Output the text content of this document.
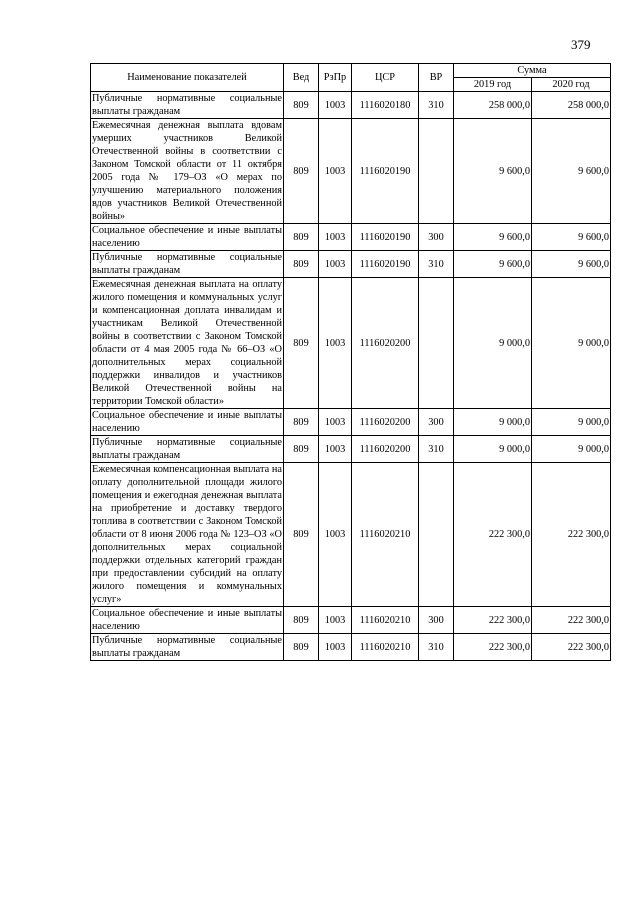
379
Наименование показателей	Вед	РзПр	ЦСР	ВР	Сумма	
					2019 год	2020 год
Публичные нормативные социальные выплаты гражданам	809	1003	1116020180	310	258 000,0	258 000,0
Ежемесячная денежная выплата вдовам умерших участников Великой Отечественной войны в соответствии с Законом Томской области от 11 октября 2005 года № 179–ОЗ «О мерах по улучшению материального положения вдов участников Великой Отечественной войны»	809	1003	1116020190		9 600,0	9 600,0
Социальное обеспечение и иные выплаты населению	809	1003	1116020190	300	9 600,0	9 600,0
Публичные нормативные социальные выплаты гражданам	809	1003	1116020190	310	9 600,0	9 600,0
Ежемесячная денежная выплата на оплату жилого помещения и коммунальных услуг и компенсационная доплата инвалидам и участникам Великой Отечественной войны в соответствии с Законом Томской области от 4 мая 2005 года № 66–ОЗ «О дополнительных мерах социальной поддержки инвалидов и участников Великой Отечественной войны на территории Томской области»	809	1003	1116020200		9 000,0	9 000,0
Социальное обеспечение и иные выплаты населению	809	1003	1116020200	300	9 000,0	9 000,0
Публичные нормативные социальные выплаты гражданам	809	1003	1116020200	310	9 000,0	9 000,0
Ежемесячная компенсационная выплата на оплату дополнительной площади жилого помещения и ежегодная денежная выплата на приобретение и доставку твердого топлива в соответствии с Законом Томской области от 8 июня 2006 года № 123–ОЗ «О дополнительных мерах социальной поддержки отдельных категорий граждан при предоставлении субсидий на оплату жилого помещения и коммунальных услуг»	809	1003	1116020210		222 300,0	222 300,0
Социальное обеспечение и иные выплаты населению	809	1003	1116020210	300	222 300,0	222 300,0
Публичные нормативные социальные выплаты гражданам	809	1003	1116020210	310	222 300,0	222 300,0
